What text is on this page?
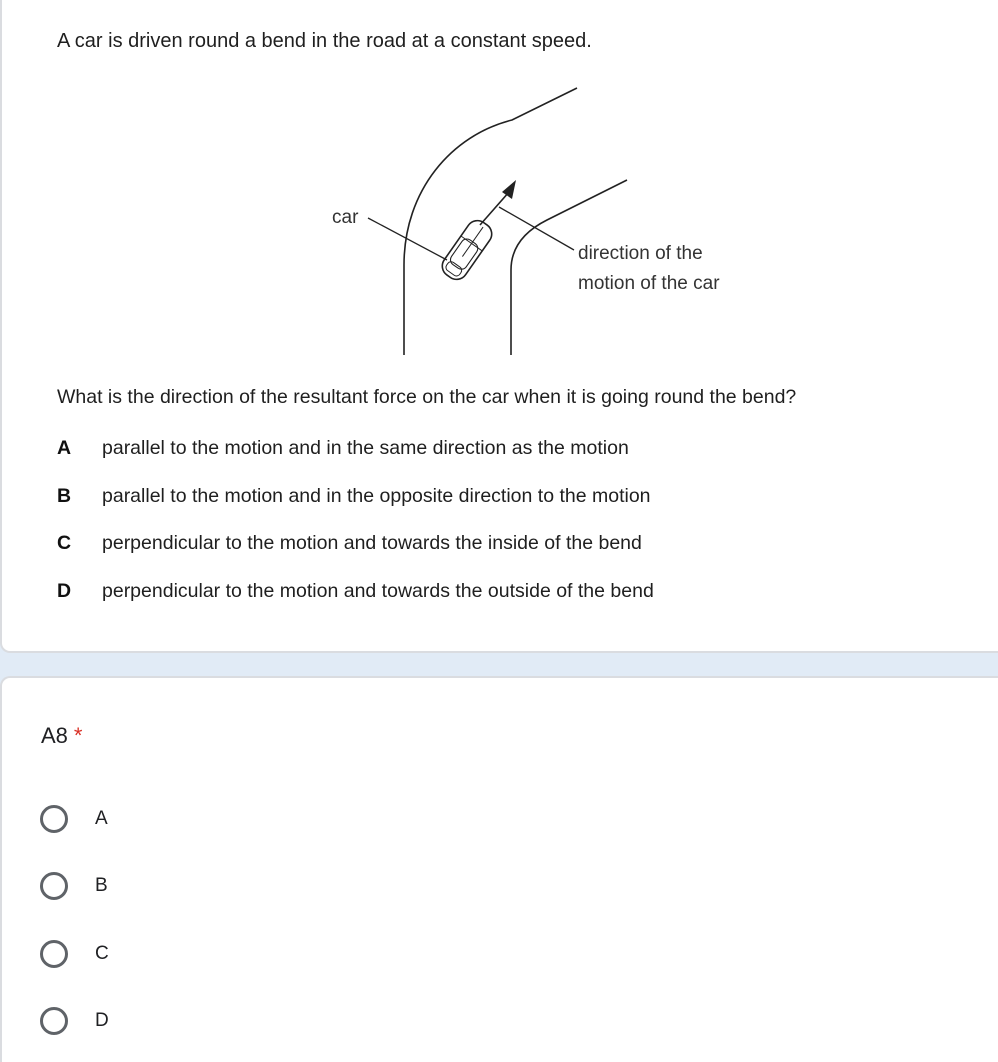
A car is driven round a bend in the road at a constant speed.
car
direction of the
motion of the car
What is the direction of the resultant force on the car when it is going round the bend?
A	parallel to the motion and in the same direction as the motion
B	parallel to the motion and in the opposite direction to the motion
C	perpendicular to the motion and towards the inside of the bend
D	perpendicular to the motion and towards the outside of the bend
A8 *
A
B
C
D
